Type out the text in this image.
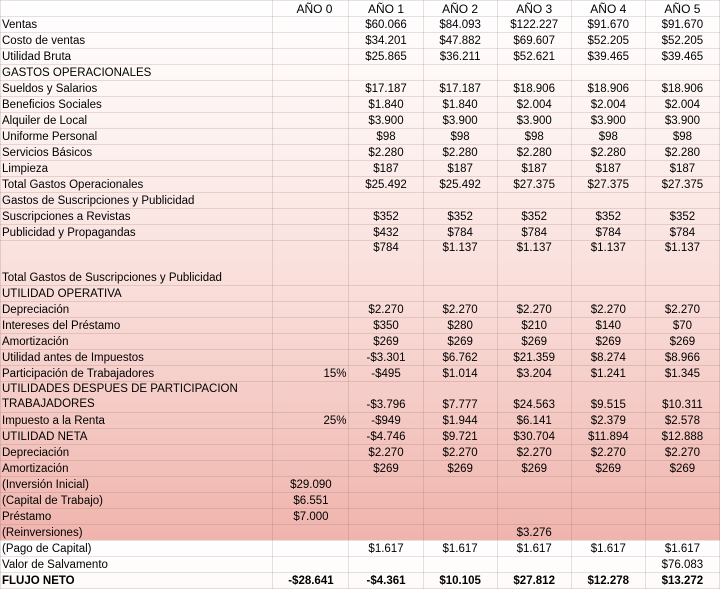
	AÑO 0	AÑO 1	AÑO 2	AÑO 3	AÑO 4	AÑO 5
Ventas		$60.066	$84.093	$122.227	$91.670	$91.670
Costo de ventas		$34.201	$47.882	$69.607	$52.205	$52.205
Utilidad Bruta		$25.865	$36.211	$52.621	$39.465	$39.465
GASTOS OPERACIONALES						
Sueldos y Salarios		$17.187	$17.187	$18.906	$18.906	$18.906
Beneficios Sociales		$1.840	$1.840	$2.004	$2.004	$2.004
Alquiler de Local		$3.900	$3.900	$3.900	$3.900	$3.900
Uniforme Personal		$98	$98	$98	$98	$98
Servicios Básicos		$2.280	$2.280	$2.280	$2.280	$2.280
Limpieza		$187	$187	$187	$187	$187
Total Gastos Operacionales		$25.492	$25.492	$27.375	$27.375	$27.375
Gastos de Suscripciones y Publicidad						
Suscripciones a Revistas		$352	$352	$352	$352	$352
Publicidad y Propagandas		$432	$784	$784	$784	$784
Total Gastos de Suscripciones y Publicidad		$784	$1.137	$1.137	$1.137	$1.137
UTILIDAD OPERATIVA						
Depreciación		$2.270	$2.270	$2.270	$2.270	$2.270
Intereses del Préstamo		$350	$280	$210	$140	$70
Amortización		$269	$269	$269	$269	$269
Utilidad antes de Impuestos		-$3.301	$6.762	$21.359	$8.274	$8.966
Participación de Trabajadores	15%	-$495	$1.014	$3.204	$1.241	$1.345
UTILIDADES DESPUES DE PARTICIPACION TRABAJADORES		-$3.796	$7.777	$24.563	$9.515	$10.311
Impuesto a la Renta	25%	-$949	$1.944	$6.141	$2.379	$2.578
UTILIDAD NETA		-$4.746	$9.721	$30.704	$11.894	$12.888
Depreciación		$2.270	$2.270	$2.270	$2.270	$2.270
Amortización		$269	$269	$269	$269	$269
(Inversión Inicial)	$29.090					
(Capital de Trabajo)	$6.551					
Préstamo	$7.000					
(Reinversiones)				$3.276		
(Pago de Capital)		$1.617	$1.617	$1.617	$1.617	$1.617
Valor de Salvamento						$76.083
FLUJO NETO	-$28.641	-$4.361	$10.105	$27.812	$12.278	$13.272
